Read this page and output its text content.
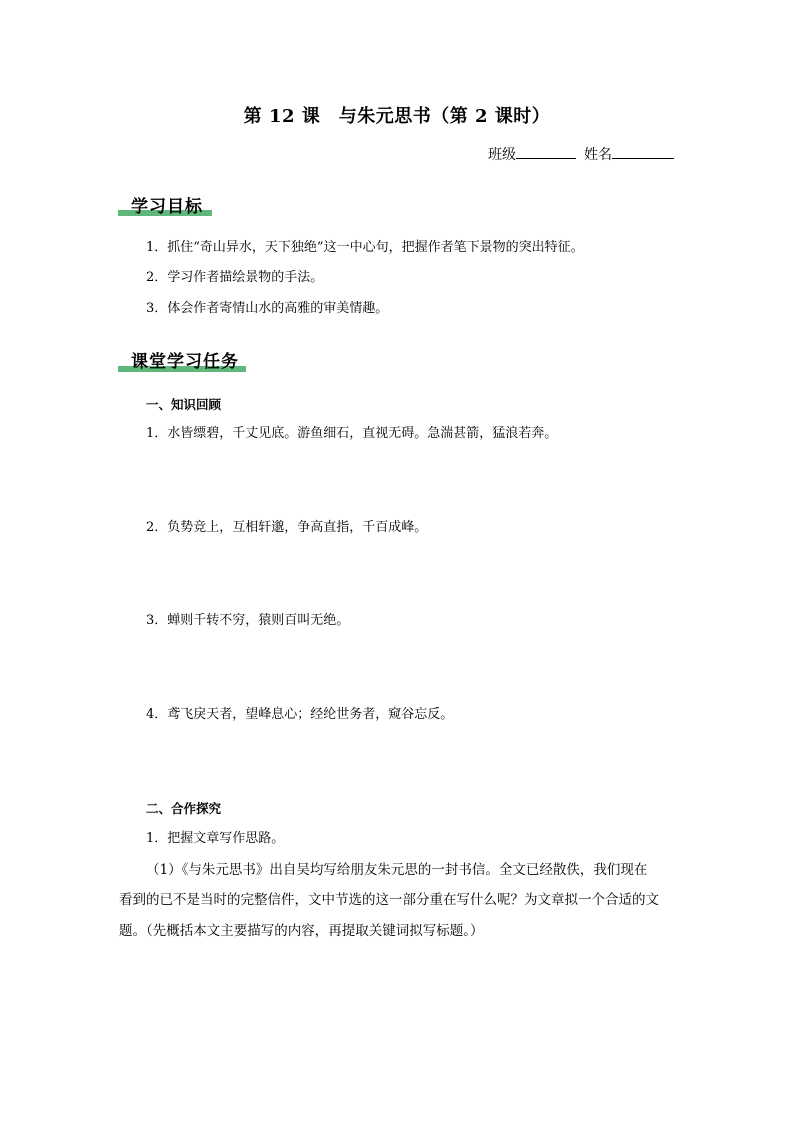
第 12 课　与朱元思书（第 2 课时）
班级	姓名
学习目标
1．抓住“奇山异水，天下独绝”这一中心句，把握作者笔下景物的突出特征。
2．学习作者描绘景物的手法。
3．体会作者寄情山水的高雅的审美情趣。
课堂学习任务
一、知识回顾
1．水皆缥碧，千丈见底。游鱼细石，直视无碍。急湍甚箭，猛浪若奔。
2．负势竞上，互相轩邈，争高直指，千百成峰。
3．蝉则千转不穷，猿则百叫无绝。
4．鸢飞戾天者，望峰息心；经纶世务者，窥谷忘反。
二、合作探究
1．把握文章写作思路。
（1）《与朱元思书》出自吴均写给朋友朱元思的一封书信。全文已经散佚，我们现在
看到的已不是当时的完整信件，文中节选的这一部分重在写什么呢？为文章拟一个合适的文
题。（先概括本文主要描写的内容，再提取关键词拟写标题。）
